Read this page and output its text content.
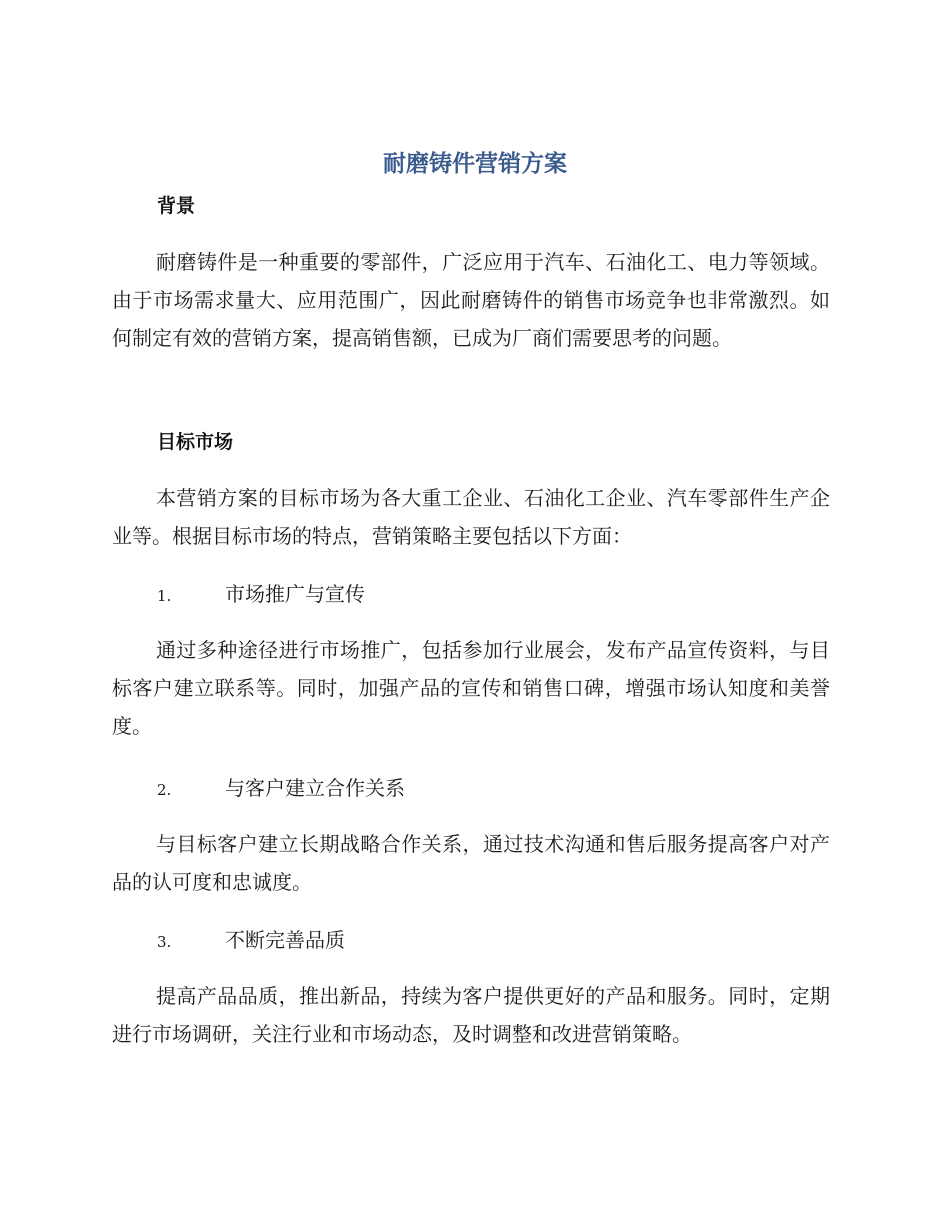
耐磨铸件营销方案
背景
耐磨铸件是一种重要的零部件，广泛应用于汽车、石油化工、电力等领域。由于市场需求量大、应用范围广，因此耐磨铸件的销售市场竞争也非常激烈。如何制定有效的营销方案，提高销售额，已成为厂商们需要思考的问题。
目标市场
本营销方案的目标市场为各大重工企业、石油化工企业、汽车零部件生产企业等。根据目标市场的特点，营销策略主要包括以下方面：
1.	市场推广与宣传
通过多种途径进行市场推广，包括参加行业展会，发布产品宣传资料，与目标客户建立联系等。同时，加强产品的宣传和销售口碑，增强市场认知度和美誉度。
2.	与客户建立合作关系
与目标客户建立长期战略合作关系，通过技术沟通和售后服务提高客户对产品的认可度和忠诚度。
3.	不断完善品质
提高产品品质，推出新品，持续为客户提供更好的产品和服务。同时，定期进行市场调研，关注行业和市场动态，及时调整和改进营销策略。
